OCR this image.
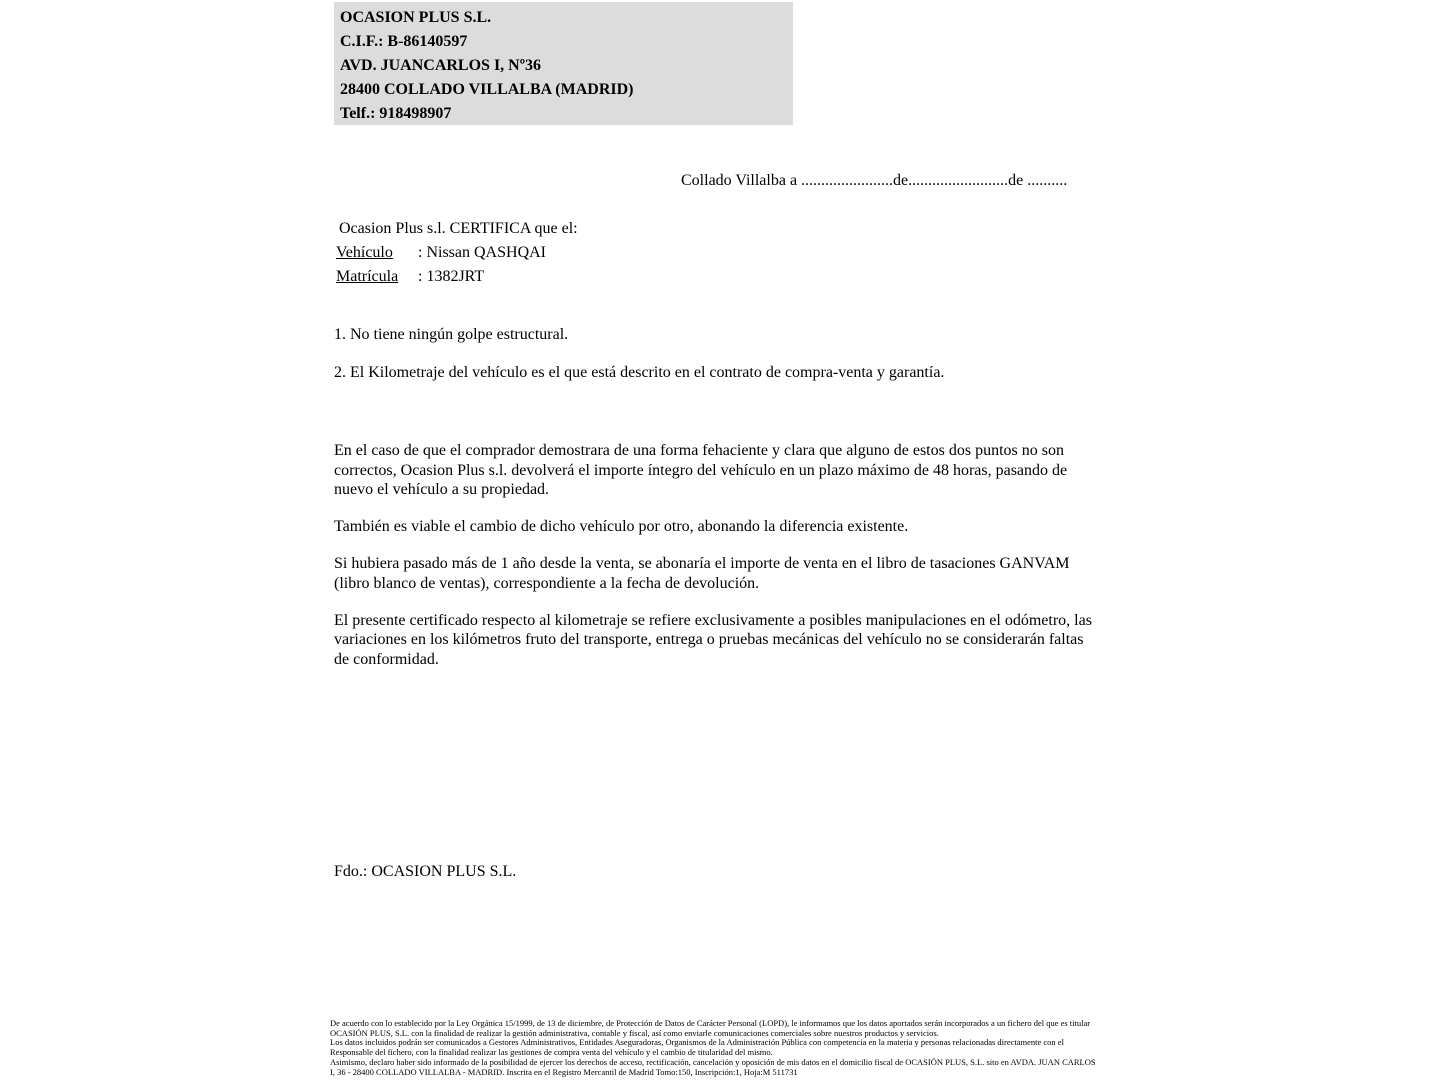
OCASION PLUS S.L.
C.I.F.: B-86140597
AVD. JUANCARLOS I, Nº36
28400 COLLADO VILLALBA (MADRID)
Telf.: 918498907
Collado Villalba a .......................de.........................de ..........
Ocasion Plus s.l. CERTIFICA que el:
Vehículo : Nissan QASHQAI
Matrícula : 1382JRT
1. No tiene ningún golpe estructural.
2. El Kilometraje del vehículo es el que está descrito en el contrato de compra-venta y garantía.

En el caso de que el comprador demostrara de una forma fehaciente y clara que alguno de estos dos puntos no son correctos, Ocasion Plus s.l. devolverá el importe íntegro del vehículo en un plazo máximo de 48 horas, pasando de nuevo el vehículo a su propiedad.

También es viable el cambio de dicho vehículo por otro, abonando la diferencia existente.

Si hubiera pasado más de 1 año desde la venta, se abonaría el importe de venta en el libro de tasaciones GANVAM (libro blanco de ventas), correspondiente a la fecha de devolución.

El presente certificado respecto al kilometraje se refiere exclusivamente a posibles manipulaciones en el odómetro, las variaciones en los kilómetros fruto del transporte, entrega o pruebas mecánicas del vehículo no se considerarán faltas de conformidad.

Fdo.: OCASION PLUS S.L.

De acuerdo con lo establecido por la Ley Orgánica 15/1999, de 13 de diciembre, de Protección de Datos de Carácter Personal (LOPD), le informamos que los datos aportados serán incorporados a un fichero del que es titular OCASIÓN PLUS, S.L. con la finalidad de realizar la gestión administrativa, contable y fiscal, así como enviarle comunicaciones comerciales sobre nuestros productos y servicios.

Los datos incluidos podrán ser comunicados a Gestores Administrativos, Entidades Aseguradoras, Organismos de la Administración Pública con competencia en la materia y personas relacionadas directamente con el Responsable del fichero, con la finalidad realizar las gestiones de compra venta del vehículo y el cambio de titularidad del mismo.

Asimismo, declaro haber sido informado de la posibilidad de ejercer los derechos de acceso, rectificación, cancelación y oposición de mis datos en el domicilio fiscal de OCASIÓN PLUS, S.L. sito en AVDA. JUAN CARLOS I, 36 - 28400 COLLADO VILLALBA - MADRID. Inscrita en el Registro Mercantil de Madrid Tomo:150, Inscripción:1, Hoja:M 511731
